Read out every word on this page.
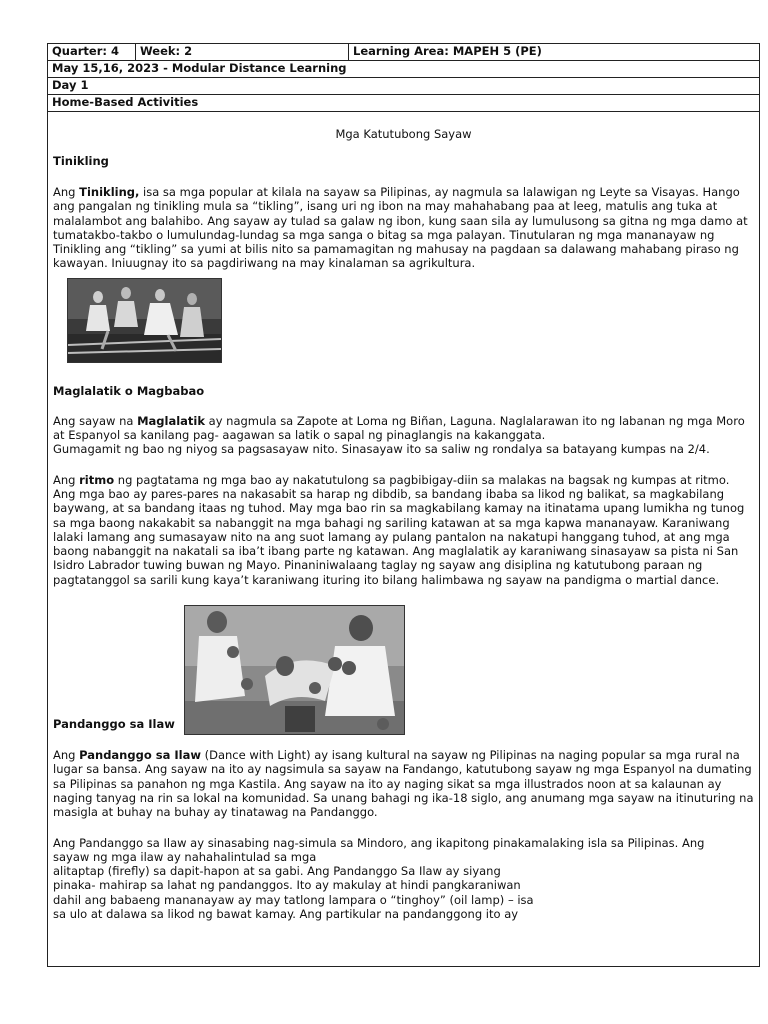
Quarter: 4	Week: 2	Learning Area: MAPEH 5 (PE)
May 15,16, 2023 - Modular Distance Learning
Day 1
Home-Based Activities
Mga Katutubong Sayaw
Tinikling

Ang Tinikling, isa sa mga popular at kilala na sayaw sa Pilipinas, ay nagmula sa lalawigan ng Leyte sa Visayas. Hango ang pangalan ng tinikling mula sa “tikling”, isang uri ng ibon na may mahahabang paa at leeg, matulis ang tuka at malalambot ang balahibo. Ang sayaw ay tulad sa galaw ng ibon, kung saan sila ay lumulusong sa gitna ng mga damo at tumatakbo-takbo o lumulundag-lundag sa mga sanga o bitag sa mga palayan. Tinutularan ng mga mananayaw ng Tinikling ang “tikling” sa yumi at bilis nito sa pamamagitan ng mahusay na pagdaan sa dalawang mahabang piraso ng kawayan. Iniuugnay ito sa pagdiriwang na may kinalaman sa agrikultura.

Maglalatik o Magbabao

Ang sayaw na Maglalatik ay nagmula sa Zapote at Loma ng Biñan, Laguna. Naglalarawan ito ng labanan ng mga Moro at Espanyol sa kanilang pag- aagawan sa latik o sapal ng pinaglangis na kakanggata.

Gumagamit ng bao ng niyog sa pagsasayaw nito. Sinasayaw ito sa saliw ng rondalya sa batayang kumpas na 2/4.

Ang ritmo ng pagtatama ng mga bao ay nakatutulong sa pagbibigay-diin sa malakas na bagsak ng kumpas at ritmo. Ang mga bao ay pares-pares na nakasabit sa harap ng dibdib, sa bandang ibaba sa likod ng balikat, sa magkabilang baywang, at sa bandang itaas ng tuhod. May mga bao rin sa magkabilang kamay na itinatama upang lumikha ng tunog sa mga baong nakakabit sa nabanggit na mga bahagi ng sariling katawan at sa mga kapwa mananayaw. Karaniwang lalaki lamang ang sumasayaw nito na ang suot lamang ay pulang pantalon na nakatupi hanggang tuhod, at ang mga baong nabanggit na nakatali sa iba’t ibang parte ng katawan. Ang maglalatik ay karaniwang sinasayaw sa pista ni San Isidro Labrador tuwing buwan ng Mayo. Pinaniniwalaang taglay ng sayaw ang disiplina ng katutubong paraan ng pagtatanggol sa sarili kung kaya’t karaniwang ituring ito bilang halimbawa ng sayaw na pandigma o martial dance.

Pandanggo sa Ilaw

Ang Pandanggo sa Ilaw (Dance with Light) ay isang kultural na sayaw ng Pilipinas na naging popular sa mga rural na lugar sa bansa. Ang sayaw na ito ay nagsimula sa sayaw na Fandango, katutubong sayaw ng mga Espanyol na dumating sa Pilipinas sa panahon ng mga Kastila. Ang sayaw na ito ay naging sikat sa mga illustrados noon at sa kalaunan ay naging tanyag na rin sa lokal na komunidad. Sa unang bahagi ng ika-18 siglo, ang anumang mga sayaw na itinuturing na masigla at buhay na buhay ay tinatawag na Pandanggo.

Ang Pandanggo sa Ilaw ay sinasabing nag-simula sa Mindoro, ang ikapitong pinakamalaking isla sa Pilipinas. Ang
sayaw ng mga ilaw ay nahahalintulad sa mga
alitaptap (firefly) sa dapit-hapon at sa gabi. Ang Pandanggo Sa Ilaw ay siyang
pinaka- mahirap sa lahat ng pandanggos. Ito ay makulay at hindi pangkaraniwan
dahil ang babaeng mananayaw ay may tatlong lampara o “tinghoy” (oil lamp) – isa
sa ulo at dalawa sa likod ng bawat kamay. Ang partikular na pandanggong ito ay
